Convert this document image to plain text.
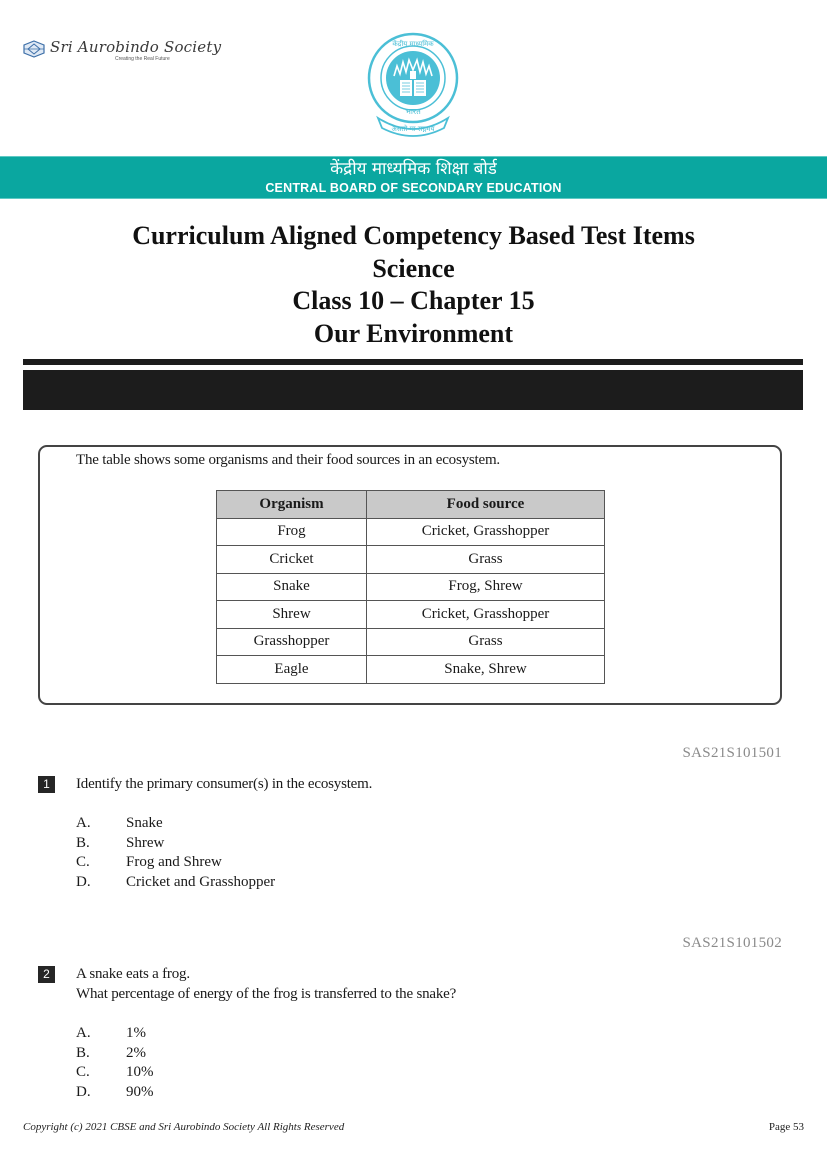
Sri Aurobindo Society
Creating the Real Future
भारत
असतो मा सद्गमय
केंद्रीय माध्यमिक
केंद्रीय माध्यमिक शिक्षा बोर्ड
CENTRAL BOARD OF SECONDARY EDUCATION
Curriculum Aligned Competency Based Test Items
Science
Class 10 – Chapter 15
Our Environment
The table shows some organisms and their food sources in an ecosystem.
Organism	Food source
Frog	Cricket, Grasshopper
Cricket	Grass
Snake	Frog, Shrew
Shrew	Cricket, Grasshopper
Grasshopper	Grass
Eagle	Snake, Shrew
SAS21S101501
1	Identify the primary consumer(s) in the ecosystem.
A.	Snake
B.	Shrew
C.	Frog and Shrew
D.	Cricket and Grasshopper
SAS21S101502
2	A snake eats a frog.
What percentage of energy of the frog is transferred to the snake?
A.	1%
B.	2%
C.	10%
D.	90%
Copyright (c) 2021 CBSE and Sri Aurobindo Society All Rights Reserved	Page 53
